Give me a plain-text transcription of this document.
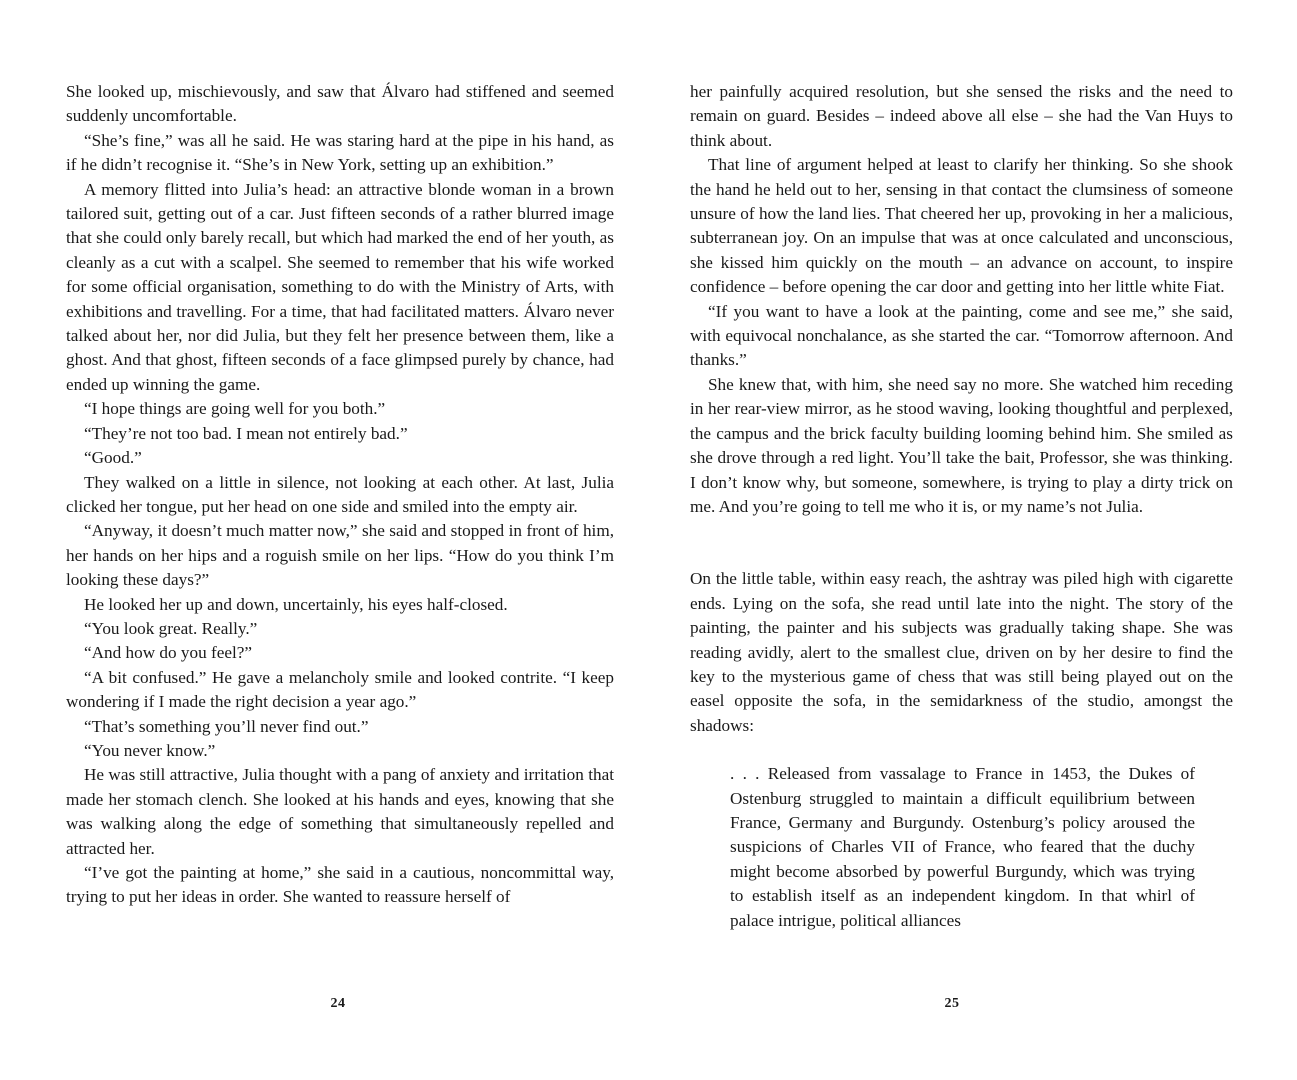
She looked up, mischievously, and saw that Álvaro had stiffened and seemed suddenly uncomfortable.

“She’s fine,” was all he said. He was staring hard at the pipe in his hand, as if he didn’t recognise it. “She’s in New York, setting up an exhibition.”

A memory flitted into Julia’s head: an attractive blonde woman in a brown tailored suit, getting out of a car. Just fifteen seconds of a rather blurred image that she could only barely recall, but which had marked the end of her youth, as cleanly as a cut with a scalpel. She seemed to remember that his wife worked for some official organisation, something to do with the Ministry of Arts, with exhibitions and travelling. For a time, that had facilitated matters. Álvaro never talked about her, nor did Julia, but they felt her presence between them, like a ghost. And that ghost, fifteen seconds of a face glimpsed purely by chance, had ended up winning the game.

“I hope things are going well for you both.”

“They’re not too bad. I mean not entirely bad.”

“Good.”

They walked on a little in silence, not looking at each other. At last, Julia clicked her tongue, put her head on one side and smiled into the empty air.

“Anyway, it doesn’t much matter now,” she said and stopped in front of him, her hands on her hips and a roguish smile on her lips. “How do you think I’m looking these days?”

He looked her up and down, uncertainly, his eyes half-closed.

“You look great. Really.”

“And how do you feel?”

“A bit confused.” He gave a melancholy smile and looked contrite. “I keep wondering if I made the right decision a year ago.”

“That’s something you’ll never find out.”

“You never know.”

He was still attractive, Julia thought with a pang of anxiety and irritation that made her stomach clench. She looked at his hands and eyes, knowing that she was walking along the edge of something that simultaneously repelled and attracted her.

“I’ve got the painting at home,” she said in a cautious, noncommittal way, trying to put her ideas in order. She wanted to reassure herself of

24

her painfully acquired resolution, but she sensed the risks and the need to remain on guard. Besides – indeed above all else – she had the Van Huys to think about.

That line of argument helped at least to clarify her thinking. So she shook the hand he held out to her, sensing in that contact the clumsiness of someone unsure of how the land lies. That cheered her up, provoking in her a malicious, subterranean joy. On an impulse that was at once calculated and unconscious, she kissed him quickly on the mouth – an advance on account, to inspire confidence – before opening the car door and getting into her little white Fiat.

“If you want to have a look at the painting, come and see me,” she said, with equivocal nonchalance, as she started the car. “Tomorrow afternoon. And thanks.”

She knew that, with him, she need say no more. She watched him receding in her rear-view mirror, as he stood waving, looking thoughtful and perplexed, the campus and the brick faculty building looming behind him. She smiled as she drove through a red light. You’ll take the bait, Professor, she was thinking. I don’t know why, but someone, somewhere, is trying to play a dirty trick on me. And you’re going to tell me who it is, or my name’s not Julia.

On the little table, within easy reach, the ashtray was piled high with cigarette ends. Lying on the sofa, she read until late into the night. The story of the painting, the painter and his subjects was gradually taking shape. She was reading avidly, alert to the smallest clue, driven on by her desire to find the key to the mysterious game of chess that was still being played out on the easel opposite the sofa, in the semidarkness of the studio, amongst the shadows:

. . . Released from vassalage to France in 1453, the Dukes of Ostenburg struggled to maintain a difficult equilibrium between France, Germany and Burgundy. Ostenburg’s policy aroused the suspicions of Charles VII of France, who feared that the duchy might become absorbed by powerful Burgundy, which was trying to establish itself as an independent kingdom. In that whirl of palace intrigue, political alliances

25
